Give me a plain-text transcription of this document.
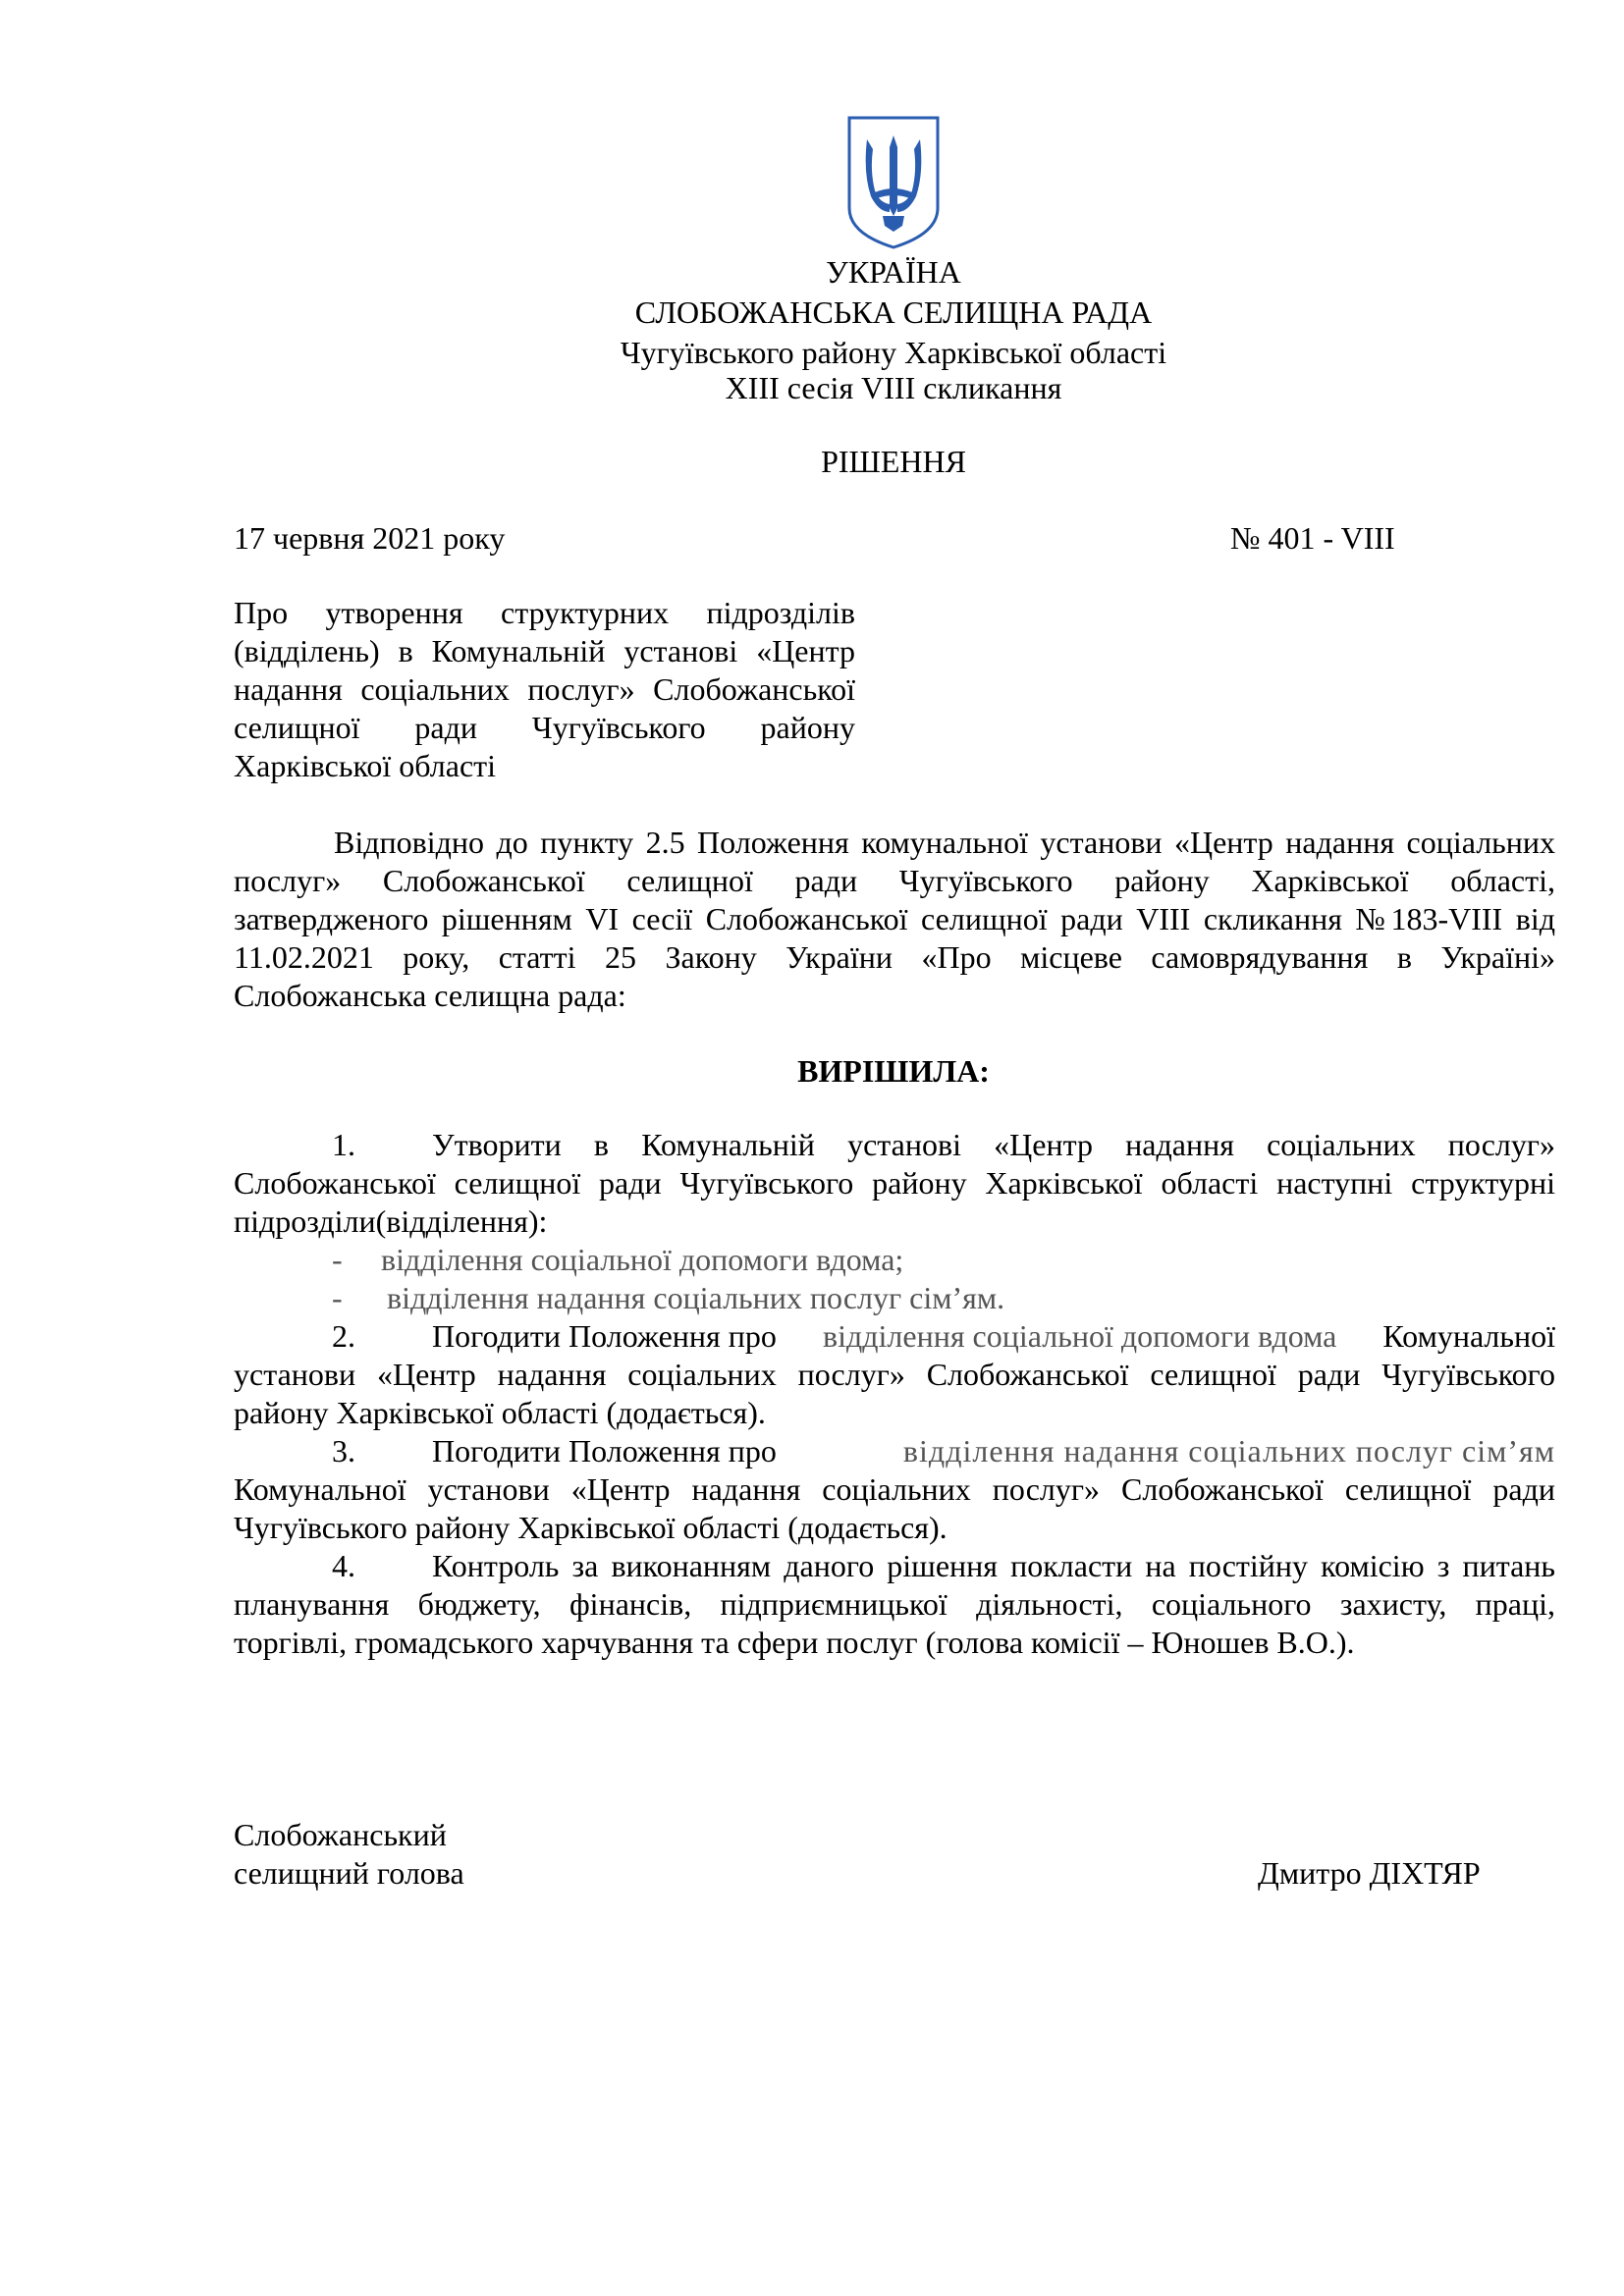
УКРАЇНА
СЛОБОЖАНСЬКА СЕЛИЩНА РАДА
Чугуївського району Харківської області
XIII сесія VIII скликання
РІШЕННЯ
17 червня 2021 року	№ 401 - VIII
Про утворення структурних підрозділів
(відділень) в Комунальній установі «Центр
надання соціальних послуг» Слобожанської
селищної ради Чугуївського району
Харківської області
Відповідно до пункту 2.5 Положення комунальної установи «Центр надання соціальних
послуг» Слобожанської селищної ради Чугуївського району Харківської області,
затвердженого рішенням VI сесії Слобожанської селищної ради VIII скликання №183-VIII від
11.02.2021 року, статті 25 Закону України «Про місцеве самоврядування в Україні»
Слобожанська селищна рада:
ВИРІШИЛА:
1. Утворити в Комунальній установі «Центр надання соціальних послуг»
Слобожанської селищної ради Чугуївського району Харківської області наступні структурні
підрозділи(відділення):
- відділення соціальної допомоги вдома;
- відділення надання соціальних послуг сім’ям.
2. Погодити Положення про відділення соціальної допомоги вдома Комунальної
установи «Центр надання соціальних послуг» Слобожанської селищної ради Чугуївського
району Харківської області (додається).
3. Погодити Положення про	відділення надання соціальних послуг сім’ям
Комунальної установи «Центр надання соціальних послуг» Слобожанської селищної ради
Чугуївського району Харківської області (додається).
4. Контроль за виконанням даного рішення покласти на постійну комісію з питань
планування бюджету, фінансів, підприємницької діяльності, соціального захисту, праці,
торгівлі, громадського харчування та сфери послуг (голова комісії – Юношев В.О.).
Слобожанський
селищний голова	Дмитро ДІХТЯР
